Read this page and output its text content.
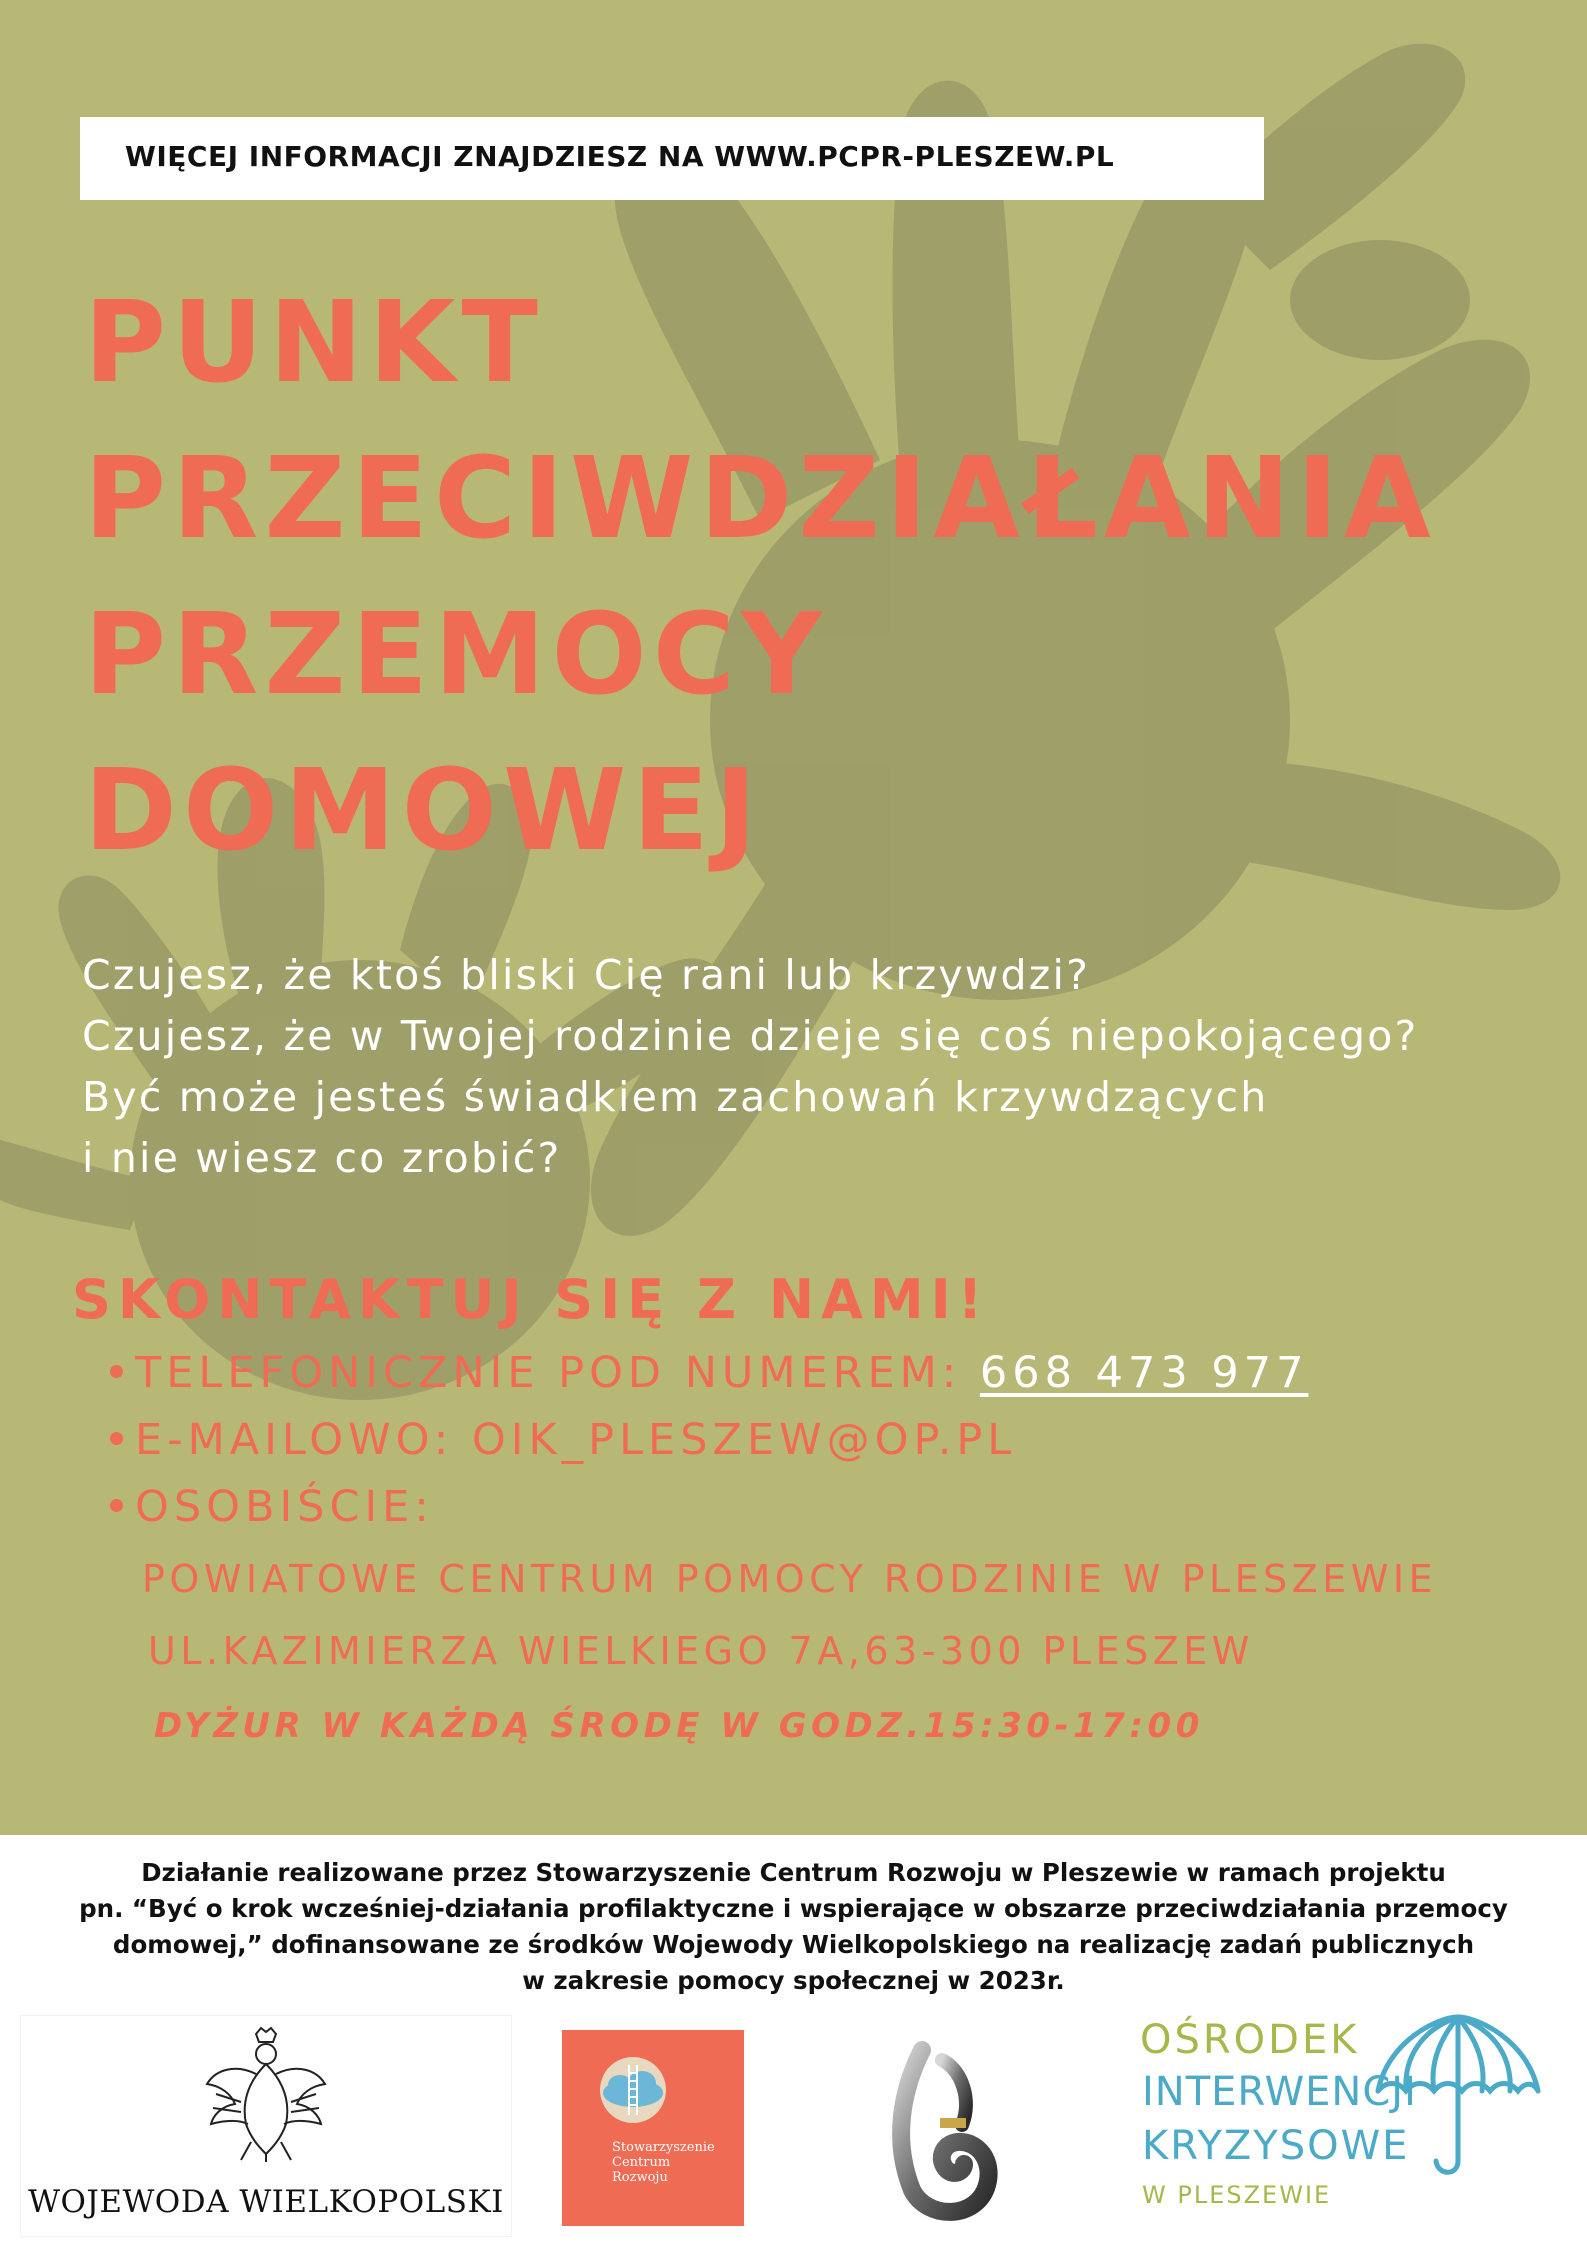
WIĘCEJ INFORMACJI ZNAJDZIESZ NA WWW.PCPR-PLESZEW.PL
PUNKT
PRZECIWDZIAŁANIA
PRZEMOCY
DOMOWEJ
Czujesz, że ktoś bliski Cię rani lub krzywdzi?
Czujesz, że w Twojej rodzinie dzieje się coś niepokojącego?
Być może jesteś świadkiem zachowań krzywdzących
i nie wiesz co zrobić?
SKONTAKTUJ SIĘ Z NAMI!
TELEFONICZNIE POD NUMEREM: 668 473 977
E-MAILOWO: OIK_PLESZEW@OP.PL
OSOBIŚCIE:
POWIATOWE CENTRUM POMOCY RODZINIE W PLESZEWIE
UL.KAZIMIERZA WIELKIEGO 7A,63-300 PLESZEW
DYŻUR W KAŻDĄ ŚRODĘ W GODZ.15:30-17:00
Działanie realizowane przez Stowarzyszenie Centrum Rozwoju w Pleszewie w ramach projektu
pn. “Być o krok wcześniej-działania profilaktyczne i wspierające w obszarze przeciwdziałania przemocy
domowej,” dofinansowane ze środków Wojewody Wielkopolskiego na realizację zadań publicznych
w zakresie pomocy społecznej w 2023r.
WOJEWODA WIELKOPOLSKI
Stowarzyszenie
Centrum
Rozwoju
OŚRODEK
INTERWENCJI
KRYZYSOWE
W PLESZEWIE
